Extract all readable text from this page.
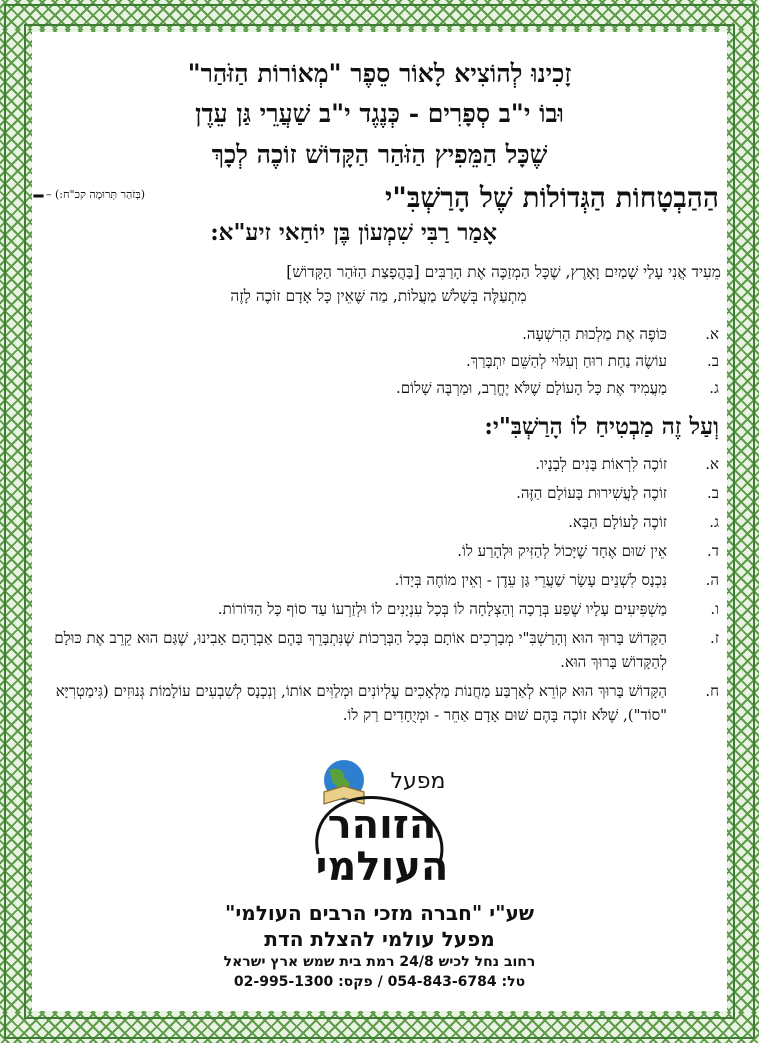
זָכִינוּ לְהוֹצִיא לָאוֹר סֵפֶר "מְאוֹרוֹת הַזֹּהַר"

וּבוֹ י"ב סְפָרִים - כְּנֶגֶד י"ב שַׁעֲרֵי גַּן עֵדֶן

שֶׁכָּל הַמֵּפִיץ הַזֹּהַר הַקָּדוֹשׁ זוֹכֶה לְכָךְ

הַהַבְטָחוֹת הַגְּדוֹלוֹת שֶׁל הָרַשְׁבִּ"י
(בְּזֹהַר תְּרוּמָה קכ"ח:) –
–
אָמַר רַבִּי שִׁמְעוֹן בֶּן יוֹחַאי זיע"א:
מֵעִיד אֲנִי עָלַי שָׁמַיִם וָאָרֶץ, שֶׁכָּל הַמְזַכֶּה אֶת הָרַבִּים [בַּהֲפָצַת הַזֹּהַר הַקָּדוֹשׁ]
מִתְעַלֶּה בְּשָׁלֹשׁ מַעֲלוֹת, מַה שֶּׁאֵין כָּל אָדָם זוֹכֶה לָזֶה
א.
כּוֹפֶה אֶת מַלְכוּת הָרִשְׁעָה.
ב.
עוֹשֶׂה נַחַת רוּחַ וְעִלּוּי לְהַשֵּׁם יִתְבָּרַךְ.
ג.
מַעֲמִיד אֶת כָּל הָעוֹלָם שֶׁלֹּא יֶחֱרַב, וּמַרְבֶּה שָׁלוֹם.
וְעַל זֶה מַבְטִיחַ לוֹ הָרַשְׁבִּ"י:
א.
זוֹכֶה לִרְאוֹת בָּנִים לְבָנָיו.
ב.
זוֹכֶה לַעֲשִׁירוּת בָּעוֹלָם הַזֶּה.
ג.
זוֹכֶה לָעוֹלָם הַבָּא.
ד.
אֵין שׁוּם אֶחָד שֶׁיָּכוֹל לְהַזִּיק וּלְהָרַע לוֹ.
ה.
נִכְנָס לִשְׁנֵים עָשָׂר שַׁעֲרֵי גַּן עֵדֶן - וְאֵין מוֹחֶה בְּיָדוֹ.
ו.
מַשְׁפִּיעִים עָלָיו שֶׁפַע בְּרָכָה וְהַצְלָחָה לוֹ בְּכָל עִנְיָנִים לוֹ וּלְזַרְעוֹ עַד סוֹף כָּל הַדּוֹרוֹת.
ז.
הַקָּדוֹשׁ בָּרוּךְ הוּא וְהָרַשְׁבִּ"י מְבָרְכִים אוֹתָם בְּכָל הַבְּרָכוֹת שֶׁנִּתְבָּרֵךְ בָּהֶם אַבְרָהָם אָבִינוּ, שֶׁגַּם הוּא קֵרֵב אֶת כּוּלָם לְהַקָּדוֹשׁ בָּרוּךְ הוּא.
ח.
הַקָּדוֹשׁ בָּרוּךְ הוּא קוֹרֵא לְאַרְבַּע מַחֲנוֹת מַלְאָכִים עֶלְיוֹנִים וּמְלַוִּים אוֹתוֹ, וְנִכְנָס לְשִׁבְעִים עוֹלָמוֹת גְּנוּזִים (גִּימַטְרִיָּא "סוֹד"), שֶׁלֹּא זוֹכֶה בָּהֶם שׁוּם אָדָם אַחֵר - וּמְיֻחָדִים רַק לוֹ.
מפעל
הזוהר
העולמי
שע"י "חברה מזכי הרבים העולמי"
מפעל עולמי להצלת הדת
רחוב נחל לכיש 24/8 רמת בית שמש ארץ ישראל
טל: 054-843-6784 / פקס: 02-995-1300
